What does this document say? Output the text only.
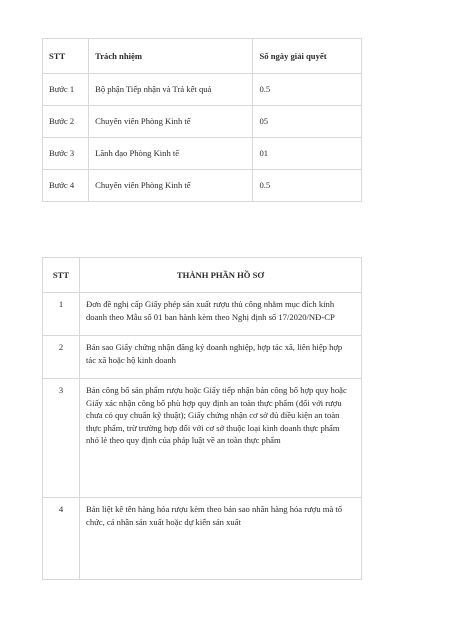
STT	Trách nhiệm	Số ngày giải quyết
Bước 1	Bộ phận Tiếp nhận và Trả kết quả	0.5
Bước 2	Chuyên viên Phòng Kinh tế	05
Bước 3	Lãnh đạo Phòng Kinh tế	01
Bước 4	Chuyên viên Phòng Kinh tế	0.5
STT	THÀNH PHẦN HỒ SƠ
1	Đơn đề nghị cấp Giấy phép sản xuất rượu thủ công nhằm mục đích kinh doanh theo Mẫu số 01 ban hành kèm theo Nghị định số 17/2020/NĐ-CP
2	Bản sao Giấy chứng nhận đăng ký doanh nghiệp, hợp tác xã, liên hiệp hợp tác xã hoặc hộ kinh doanh
3	Bản công bố sản phẩm rượu hoặc Giấy tiếp nhận bản công bố hợp quy hoặc Giấy xác nhận công bố phù hợp quy định an toàn thực phẩm (đối với rượu chưa có quy chuẩn kỹ thuật); Giấy chứng nhận cơ sở đủ điều kiện an toàn thực phẩm, trừ trường hợp đối với cơ sở thuộc loại kinh doanh thực phẩm nhỏ lẻ theo quy định của pháp luật về an toàn thực phẩm
4	Bản liệt kê tên hàng hóa rượu kèm theo bản sao nhãn hàng hóa rượu mà tổ chức, cá nhân sản xuất hoặc dự kiến sản xuất
